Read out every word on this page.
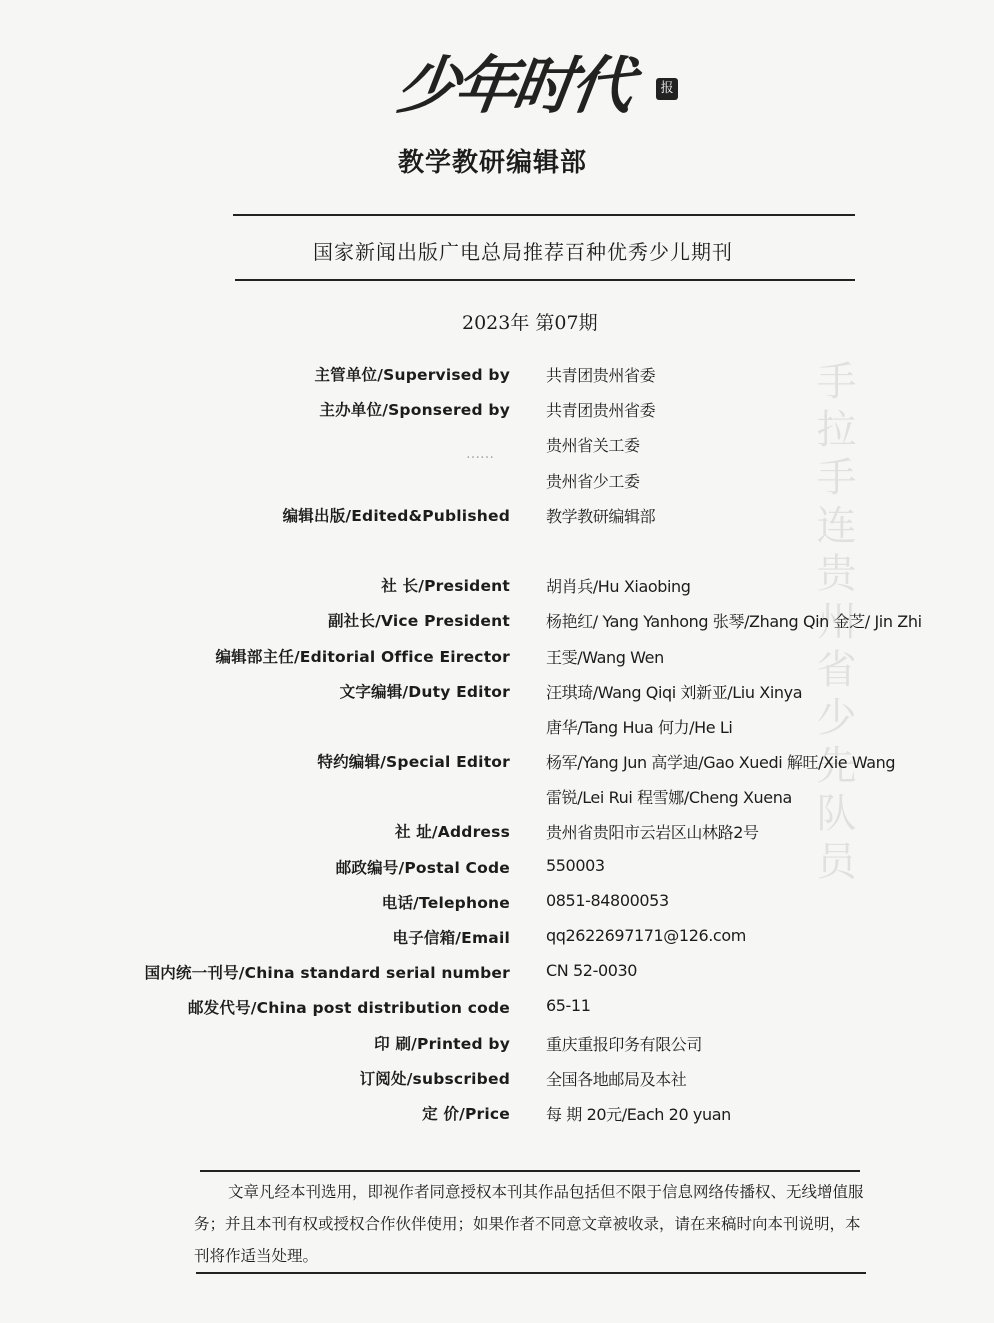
手拉手连贵州省少先队员

少年时代	报
教学教研编辑部
国家新闻出版广电总局推荐百种优秀少儿期刊
2023年 第07期
……
主管单位/Supervised by 共青团贵州省委
主办单位/Sponsered by 共青团贵州省委
贵州省关工委
贵州省少工委
编辑出版/Edited&Published 教学教研编辑部
社 长/President 胡肖兵/Hu Xiaobing
副社长/Vice President 杨艳红/ Yang Yanhong 张琴/Zhang Qin 金芝/ Jin Zhi
编辑部主任/Editorial Office Eirector 王雯/Wang Wen
文字编辑/Duty Editor 汪琪琦/Wang Qiqi 刘新亚/Liu Xinya
唐华/Tang Hua 何力/He Li
特约编辑/Special Editor 杨军/Yang Jun 高学迪/Gao Xuedi 解旺/Xie Wang
雷锐/Lei Rui 程雪娜/Cheng Xuena
社 址/Address 贵州省贵阳市云岩区山林路2号
邮政编号/Postal Code 550003
电话/Telephone 0851-84800053
电子信箱/Email qq2622697171@126.com
国内统一刊号/China standard serial number CN 52-0030
邮发代号/China post distribution code 65-11
印 刷/Printed by 重庆重报印务有限公司
订阅处/subscribed 全国各地邮局及本社
定 价/Price 每 期 20元/Each 20 yuan

文章凡经本刊选用，即视作者同意授权本刊其作品包括但不限于信息网络传播权、无线增值服务；并且本刊有权或授权合作伙伴使用；如果作者不同意文章被收录，请在来稿时向本刊说明，本刊将作适当处理。
